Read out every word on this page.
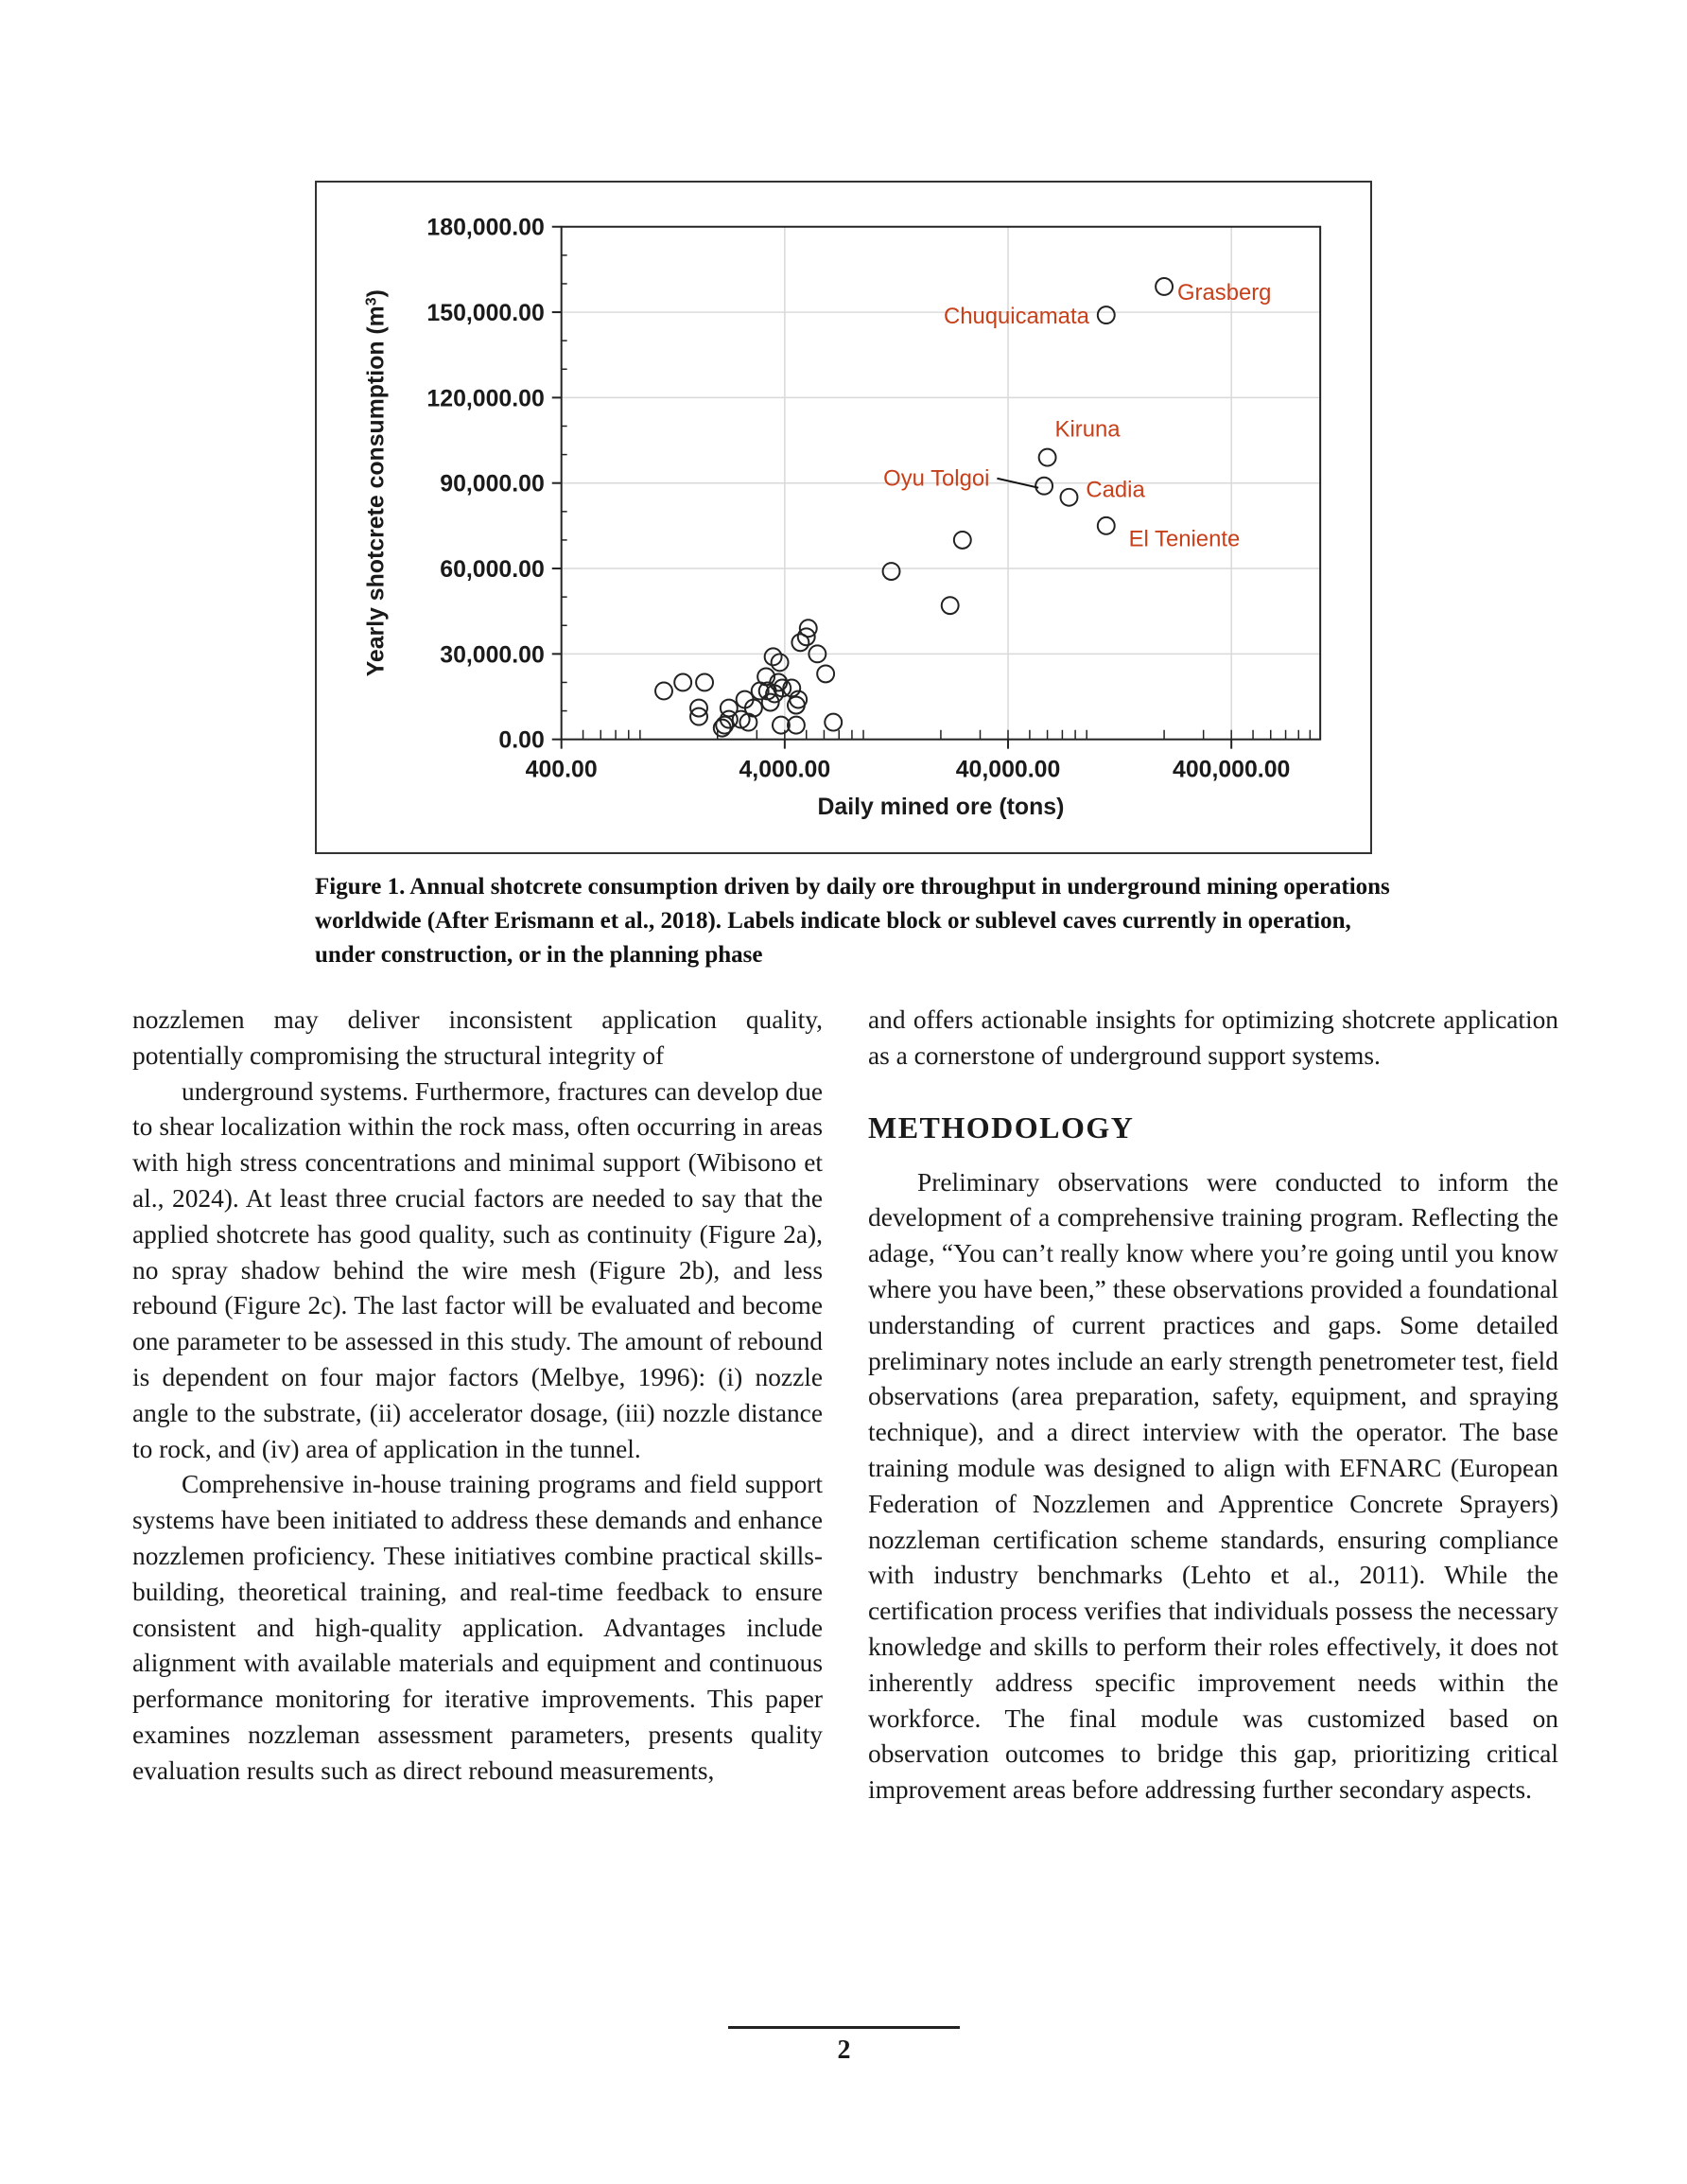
0.00
30,000.00
60,000.00
90,000.00
120,000.00
150,000.00
180,000.00
400.00	4,000.00	40,000.00	400,000.00
Grasberg
Chuquicamata
Kiruna
Oyu Tolgoi	Cadia
El Teniente
Daily mined ore (tons)
Yearly shotcrete consumption $(m^3)$
Figure 1. Annual shotcrete consumption driven by daily ore throughput in underground mining operations worldwide (After Erismann et al., 2018). Labels indicate block or sublevel caves currently in operation, under construction, or in the planning phase

nozzlemen may deliver inconsistent application quality, potentially compromising the structural integrity of

underground systems. Furthermore, fractures can develop due to shear localization within the rock mass, often occurring in areas with high stress concentrations and minimal support (Wibisono et al., 2024). At least three crucial factors are needed to say that the applied shotcrete has good quality, such as continuity (Figure 2a), no spray shadow behind the wire mesh (Figure 2b), and less rebound (Figure 2c). The last factor will be evaluated and become one parameter to be assessed in this study. The amount of rebound is dependent on four major factors (Melbye, 1996): (i) nozzle angle to the substrate, (ii) accelerator dosage, (iii) nozzle distance to rock, and (iv) area of application in the tunnel.

Comprehensive in-house training programs and field support systems have been initiated to address these demands and enhance nozzlemen proficiency. These initiatives combine practical skills-building, theoretical training, and real-time feedback to ensure consistent and high-quality application. Advantages include alignment with available materials and equipment and continuous performance monitoring for iterative improvements. This paper examines nozzleman assessment parameters, presents quality evaluation results such as direct rebound measurements,

and offers actionable insights for optimizing shotcrete application as a cornerstone of underground support systems.

METHODOLOGY

Preliminary observations were conducted to inform the development of a comprehensive training program. Reflecting the adage, “You can’t really know where you’re going until you know where you have been,” these observations provided a foundational understanding of current practices and gaps. Some detailed preliminary notes include an early strength penetrometer test, field observations (area preparation, safety, equipment, and spraying technique), and a direct interview with the operator. The base training module was designed to align with EFNARC (European Federation of Nozzlemen and Apprentice Concrete Sprayers) nozzleman certification scheme standards, ensuring compliance with industry benchmarks (Lehto et al., 2011). While the certification process verifies that individuals possess the necessary knowledge and skills to perform their roles effectively, it does not inherently address specific improvement needs within the workforce. The final module was customized based on observation outcomes to bridge this gap, prioritizing critical improvement areas before addressing further secondary aspects.

2
